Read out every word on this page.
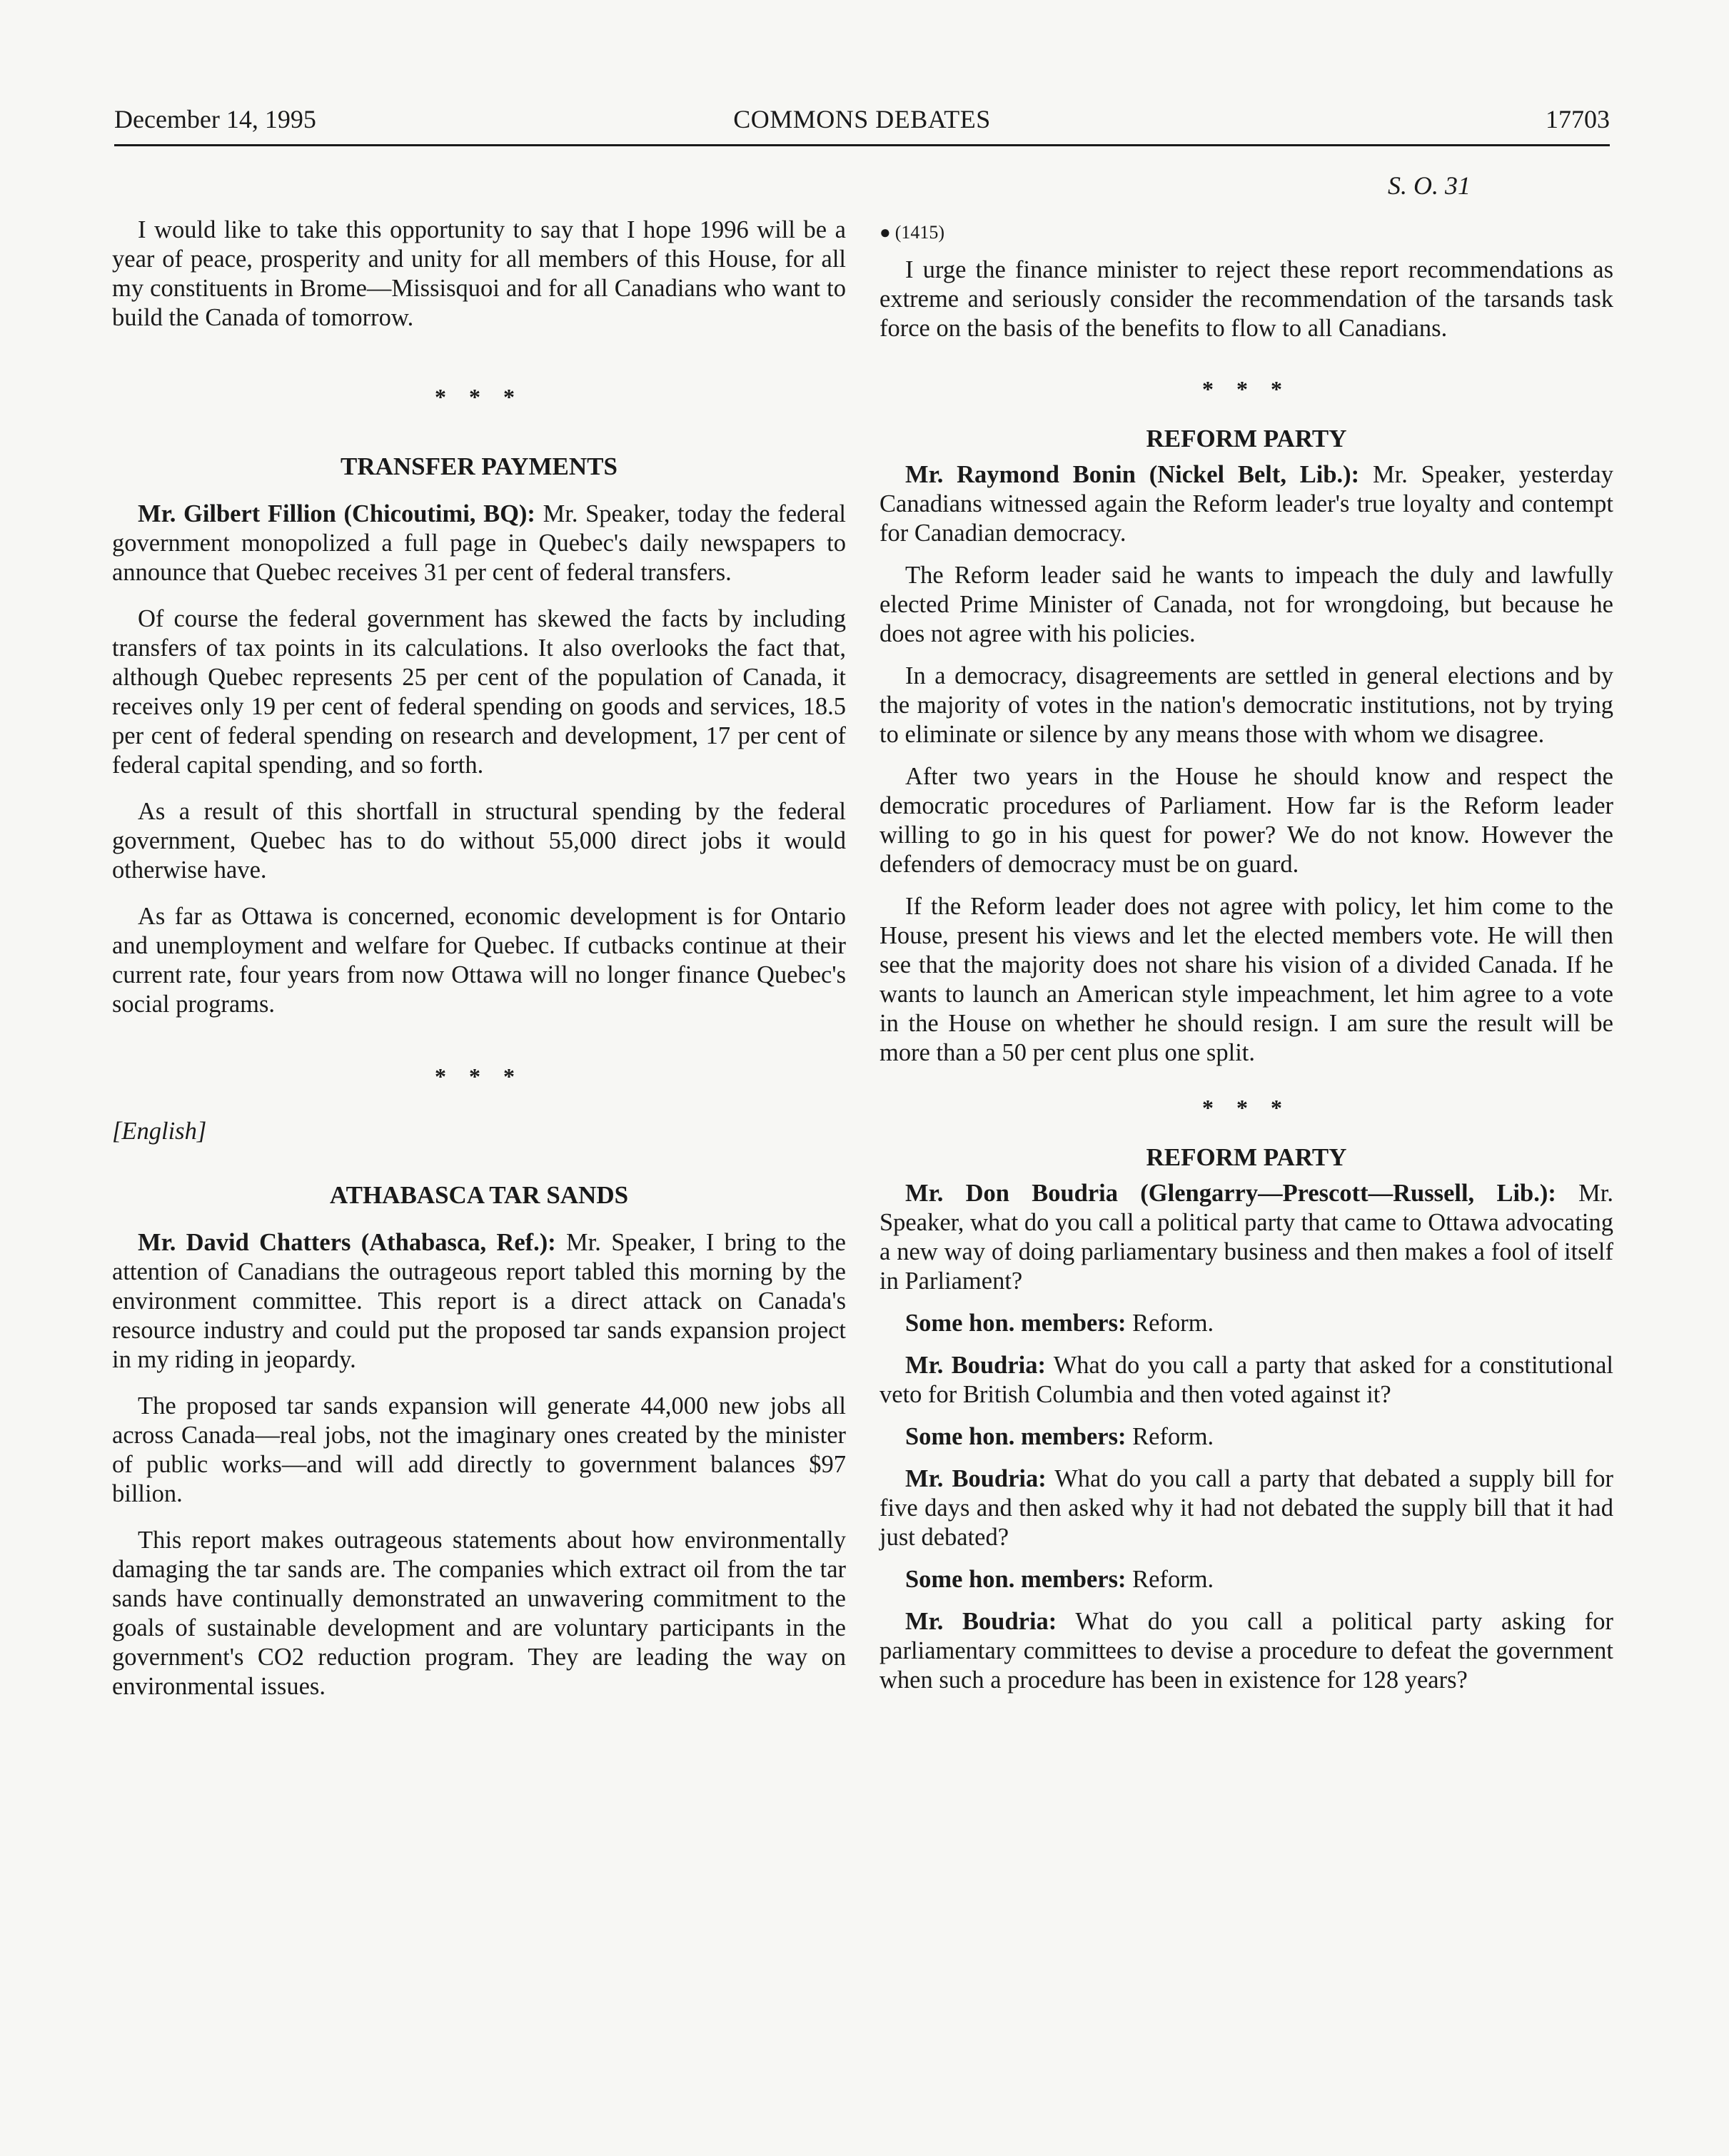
December 14, 1995	COMMONS DEBATES	17703

I would like to take this opportunity to say that I hope 1996 will be a year of peace, prosperity and unity for all members of this House, for all my constituents in Brome—Missisquoi and for all Canadians who want to build the Canada of tomorrow.

* * *
TRANSFER PAYMENTS

Mr. Gilbert Fillion (Chicoutimi, BQ): Mr. Speaker, today the federal government monopolized a full page in Quebec's daily newspapers to announce that Quebec receives 31 per cent of federal transfers.

Of course the federal government has skewed the facts by including transfers of tax points in its calculations. It also overlooks the fact that, although Quebec represents 25 per cent of the population of Canada, it receives only 19 per cent of federal spending on goods and services, 18.5 per cent of federal spending on research and development, 17 per cent of federal capital spending, and so forth.

As a result of this shortfall in structural spending by the federal government, Quebec has to do without 55,000 direct jobs it would otherwise have.

As far as Ottawa is concerned, economic development is for Ontario and unemployment and welfare for Quebec. If cutbacks continue at their current rate, four years from now Ottawa will no longer finance Quebec's social programs.

* * *

[English]

ATHABASCA TAR SANDS

Mr. David Chatters (Athabasca, Ref.): Mr. Speaker, I bring to the attention of Canadians the outrageous report tabled this morning by the environment committee. This report is a direct attack on Canada's resource industry and could put the proposed tar sands expansion project in my riding in jeopardy.

The proposed tar sands expansion will generate 44,000 new jobs all across Canada—real jobs, not the imaginary ones created by the minister of public works—and will add directly to government balances $97 billion.

This report makes outrageous statements about how environmentally damaging the tar sands are. The companies which extract oil from the tar sands have continually demonstrated an unwavering commitment to the goals of sustainable development and are voluntary participants in the government's CO2 reduction program. They are leading the way on environmental issues.

S. O. 31

● (1415)

I urge the finance minister to reject these report recommendations as extreme and seriously consider the recommendation of the tarsands task force on the basis of the benefits to flow to all Canadians.

* * *
REFORM PARTY

Mr. Raymond Bonin (Nickel Belt, Lib.): Mr. Speaker, yesterday Canadians witnessed again the Reform leader's true loyalty and contempt for Canadian democracy.

The Reform leader said he wants to impeach the duly and lawfully elected Prime Minister of Canada, not for wrongdoing, but because he does not agree with his policies.

In a democracy, disagreements are settled in general elections and by the majority of votes in the nation's democratic institutions, not by trying to eliminate or silence by any means those with whom we disagree.

After two years in the House he should know and respect the democratic procedures of Parliament. How far is the Reform leader willing to go in his quest for power? We do not know. However the defenders of democracy must be on guard.

If the Reform leader does not agree with policy, let him come to the House, present his views and let the elected members vote. He will then see that the majority does not share his vision of a divided Canada. If he wants to launch an American style impeachment, let him agree to a vote in the House on whether he should resign. I am sure the result will be more than a 50 per cent plus one split.

* * *
REFORM PARTY

Mr. Don Boudria (Glengarry—Prescott—Russell, Lib.): Mr. Speaker, what do you call a political party that came to Ottawa advocating a new way of doing parliamentary business and then makes a fool of itself in Parliament?

Some hon. members: Reform.

Mr. Boudria: What do you call a party that asked for a constitutional veto for British Columbia and then voted against it?

Some hon. members: Reform.

Mr. Boudria: What do you call a party that debated a supply bill for five days and then asked why it had not debated the supply bill that it had just debated?

Some hon. members: Reform.

Mr. Boudria: What do you call a political party asking for parliamentary committees to devise a procedure to defeat the government when such a procedure has been in existence for 128 years?
